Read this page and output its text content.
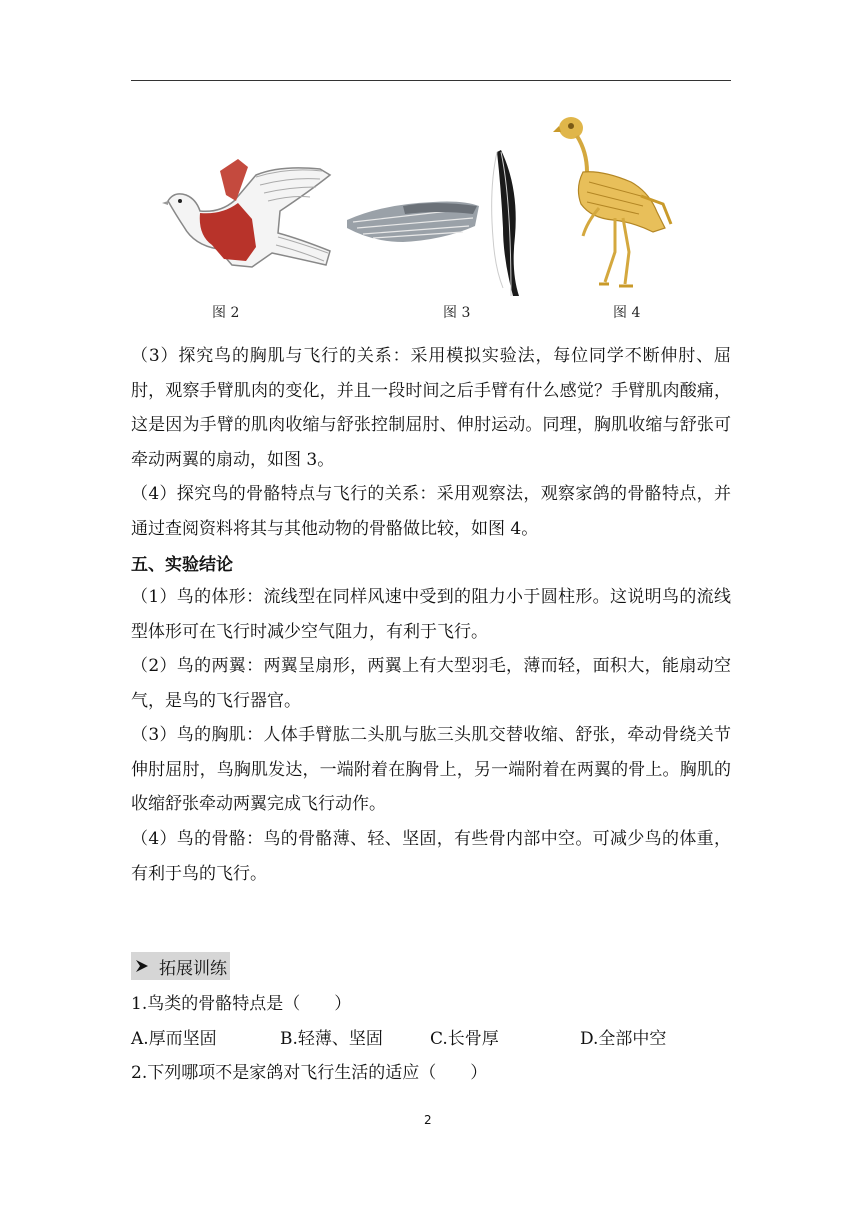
图 2	图 3	图 4

（3）探究鸟的胸肌与飞行的关系：采用模拟实验法，每位同学不断伸肘、屈肘，观察手臂肌肉的变化，并且一段时间之后手臂有什么感觉？手臂肌肉酸痛，这是因为手臂的肌肉收缩与舒张控制屈肘、伸肘运动。同理，胸肌收缩与舒张可牵动两翼的扇动，如图 3。

（4）探究鸟的骨骼特点与飞行的关系：采用观察法，观察家鸽的骨骼特点，并通过查阅资料将其与其他动物的骨骼做比较，如图 4。

五、实验结论

（1）鸟的体形：流线型在同样风速中受到的阻力小于圆柱形。这说明鸟的流线型体形可在飞行时减少空气阻力，有利于飞行。

（2）鸟的两翼：两翼呈扇形，两翼上有大型羽毛，薄而轻，面积大，能扇动空气，是鸟的飞行器官。

（3）鸟的胸肌：人体手臂肱二头肌与肱三头肌交替收缩、舒张，牵动骨绕关节伸肘屈肘，鸟胸肌发达，一端附着在胸骨上，另一端附着在两翼的骨上。胸肌的收缩舒张牵动两翼完成飞行动作。

（4）鸟的骨骼：鸟的骨骼薄、轻、坚固，有些骨内部中空。可减少鸟的体重，有利于鸟的飞行。

拓展训练
1.鸟类的骨骼特点是（　　）
A.厚而坚固	B.轻薄、坚固	C.长骨厚	D.全部中空
2.下列哪项不是家鸽对飞行生活的适应（　　）
2
